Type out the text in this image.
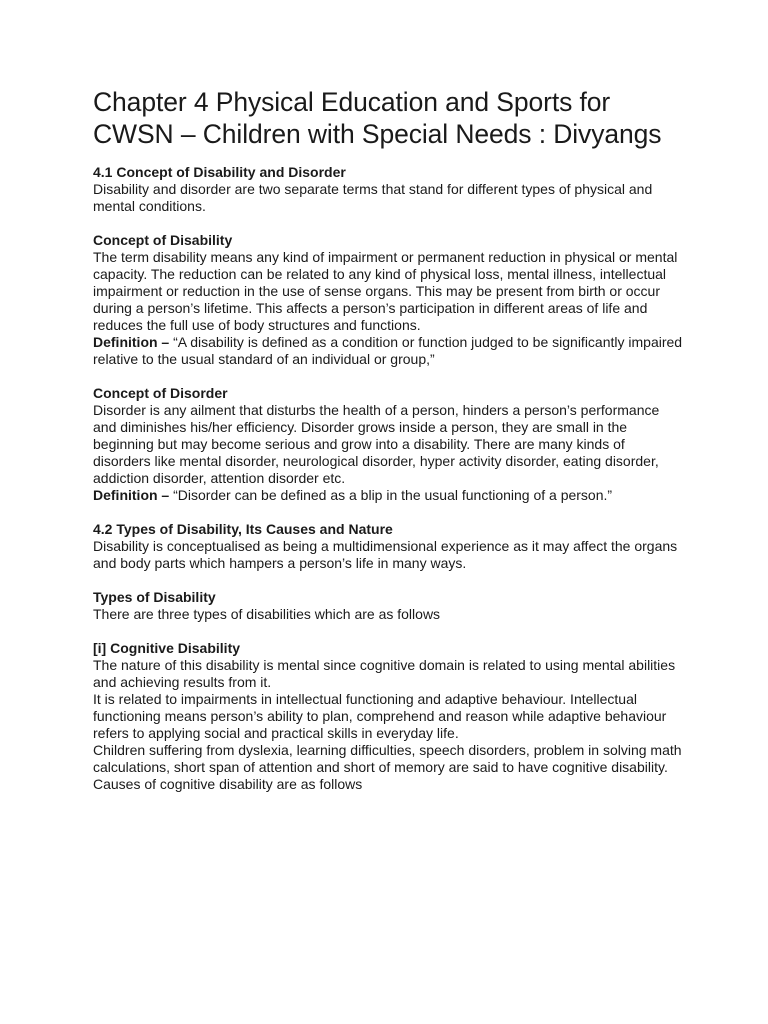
Chapter 4 Physical Education and Sports for CWSN – Children with Special Needs : Divyangs
4.1 Concept of Disability and Disorder

Disability and disorder are two separate terms that stand for different types of physical and mental conditions.

Concept of Disability

The term disability means any kind of impairment or permanent reduction in physical or mental capacity. The reduction can be related to any kind of physical loss, mental illness, intellectual impairment or reduction in the use of sense organs. This may be present from birth or occur during a person’s lifetime. This affects a person’s participation in different areas of life and reduces the full use of body structures and functions.

Definition – “A disability is defined as a condition or function judged to be significantly impaired relative to the usual standard of an individual or group,”

Concept of Disorder

Disorder is any ailment that disturbs the health of a person, hinders a person’s performance and diminishes his/her efficiency. Disorder grows inside a person, they are small in the beginning but may become serious and grow into a disability. There are many kinds of disorders like mental disorder, neurological disorder, hyper activity disorder, eating disorder, addiction disorder, attention disorder etc.

Definition – “Disorder can be defined as a blip in the usual functioning of a person.”

4.2 Types of Disability, Its Causes and Nature

Disability is conceptualised as being a multidimensional experience as it may affect the organs and body parts which hampers a person’s life in many ways.

Types of Disability

There are three types of disabilities which are as follows

[i] Cognitive Disability

The nature of this disability is mental since cognitive domain is related to using mental abilities and achieving results from it.

It is related to impairments in intellectual functioning and adaptive behaviour. Intellectual functioning means person’s ability to plan, comprehend and reason while adaptive behaviour refers to applying social and practical skills in everyday life.

Children suffering from dyslexia, learning difficulties, speech disorders, problem in solving math calculations, short span of attention and short of memory are said to have cognitive disability.

Causes of cognitive disability are as follows
